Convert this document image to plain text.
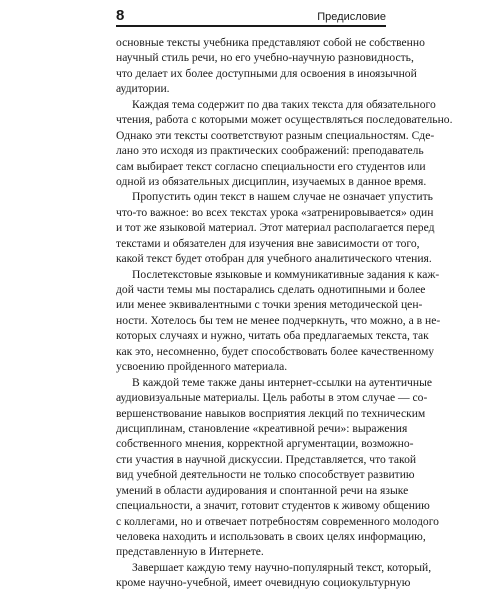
8	Предисловие
основные тексты учебника представляют собой не собственно
научный стиль речи, но его учебно-научную разновидность,
что делает их более доступными для освоения в иноязычной
аудитории.
Каждая тема содержит по два таких текста для обязательного
чтения, работа с которыми может осуществляться последовательно.
Однако эти тексты соответствуют разным специальностям. Сде-
лано это исходя из практических соображений: преподаватель
сам выбирает текст согласно специальности его студентов или
одной из обязательных дисциплин, изучаемых в данное время.
Пропустить один текст в нашем случае не означает упустить
что-то важное: во всех текстах урока «затренировывается» один
и тот же языковой материал. Этот материал располагается перед
текстами и обязателен для изучения вне зависимости от того,
какой текст будет отобран для учебного аналитического чтения.
Послетекстовые языковые и коммуникативные задания к каж-
дой части темы мы постарались сделать однотипными и более
или менее эквивалентными с точки зрения методической цен-
ности. Хотелось бы тем не менее подчеркнуть, что можно, а в не-
которых случаях и нужно, читать оба предлагаемых текста, так
как это, несомненно, будет способствовать более качественному
усвоению пройденного материала.
В каждой теме также даны интернет-ссылки на аутентичные
аудиовизуальные материалы. Цель работы в этом случае — со-
вершенствование навыков восприятия лекций по техническим
дисциплинам, становление «креативной речи»: выражения
собственного мнения, корректной аргументации, возможно-
сти участия в научной дискуссии. Представляется, что такой
вид учебной деятельности не только способствует развитию
умений в области аудирования и спонтанной речи на языке
специальности, а значит, готовит студентов к живому общению
с коллегами, но и отвечает потребностям современного молодого
человека находить и использовать в своих целях информацию,
представленную в Интернете.
Завершает каждую тему научно-популярный текст, который,
кроме научно-учебной, имеет очевидную социокультурную
